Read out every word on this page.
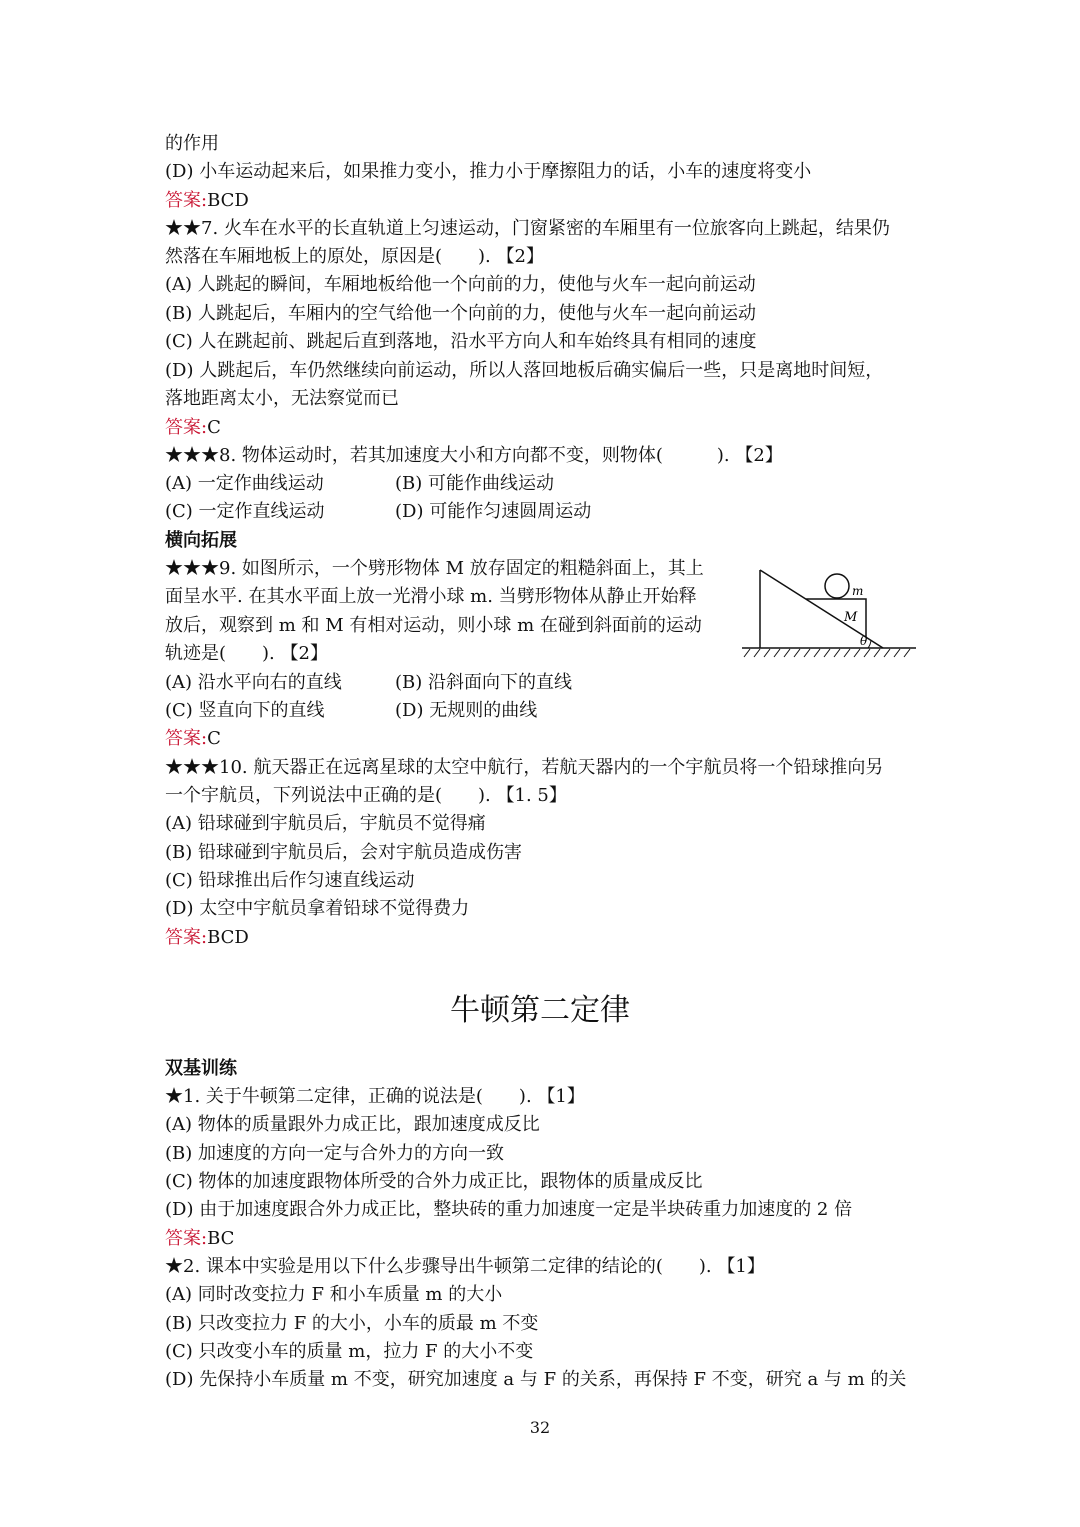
的作用
(D) 小车运动起来后，如果推力变小，推力小于摩擦阻力的话，小车的速度将变小
答案:BCD
★★7. 火车在水平的长直轨道上匀速运动，门窗紧密的车厢里有一位旅客向上跳起，结果仍
然落在车厢地板上的原处，原因是(　　). 【2】
(A) 人跳起的瞬间，车厢地板给他一个向前的力，使他与火车一起向前运动
(B) 人跳起后，车厢内的空气给他一个向前的力，使他与火车一起向前运动
(C) 人在跳起前、跳起后直到落地，沿水平方向人和车始终具有相同的速度
(D) 人跳起后，车仍然继续向前运动，所以人落回地板后确实偏后一些，只是离地时间短，
落地距离太小，无法察觉而已
答案:C
★★★8. 物体运动时，若其加速度大小和方向都不变，则物体(　　　). 【2】
(A) 一定作曲线运动	(B) 可能作曲线运动
(C) 一定作直线运动	(D) 可能作匀速圆周运动
横向拓展
★★★9. 如图所示，一个劈形物体 M 放存固定的粗糙斜面上，其上
面呈水平. 在其水平面上放一光滑小球 m. 当劈形物体从静止开始释
放后，观察到 m 和 M 有相对运动，则小球 m 在碰到斜面前的运动
轨迹是(　　). 【2】
m
M
θ
(A) 沿水平向右的直线	(B) 沿斜面向下的直线
(C) 竖直向下的直线	(D) 无规则的曲线
答案:C
★★★10. 航天器正在远离星球的太空中航行，若航天器内的一个宇航员将一个铅球推向另
一个宇航员，下列说法中正确的是(　　). 【1. 5】
(A) 铅球碰到宇航员后，宇航员不觉得痛
(B) 铅球碰到宇航员后，会对宇航员造成伤害
(C) 铅球推出后作匀速直线运动
(D) 太空中宇航员拿着铅球不觉得费力
答案:BCD
牛顿第二定律
双基训练
★1. 关于牛顿第二定律，正确的说法是(　　). 【1】
(A) 物体的质量跟外力成正比，跟加速度成反比
(B) 加速度的方向一定与合外力的方向一致
(C) 物体的加速度跟物体所受的合外力成正比，跟物体的质量成反比
(D) 由于加速度跟合外力成正比，整块砖的重力加速度一定是半块砖重力加速度的 2 倍
答案:BC
★2. 课本中实验是用以下什么步骤导出牛顿第二定律的结论的(　　). 【1】
(A) 同时改变拉力 F 和小车质量 m 的大小
(B) 只改变拉力 F 的大小，小车的质最 m 不变
(C) 只改变小车的质量 m，拉力 F 的大小不变
(D) 先保持小车质量 m 不变，研究加速度 a 与 F 的关系，再保持 F 不变，研究 a 与 m 的关
32
